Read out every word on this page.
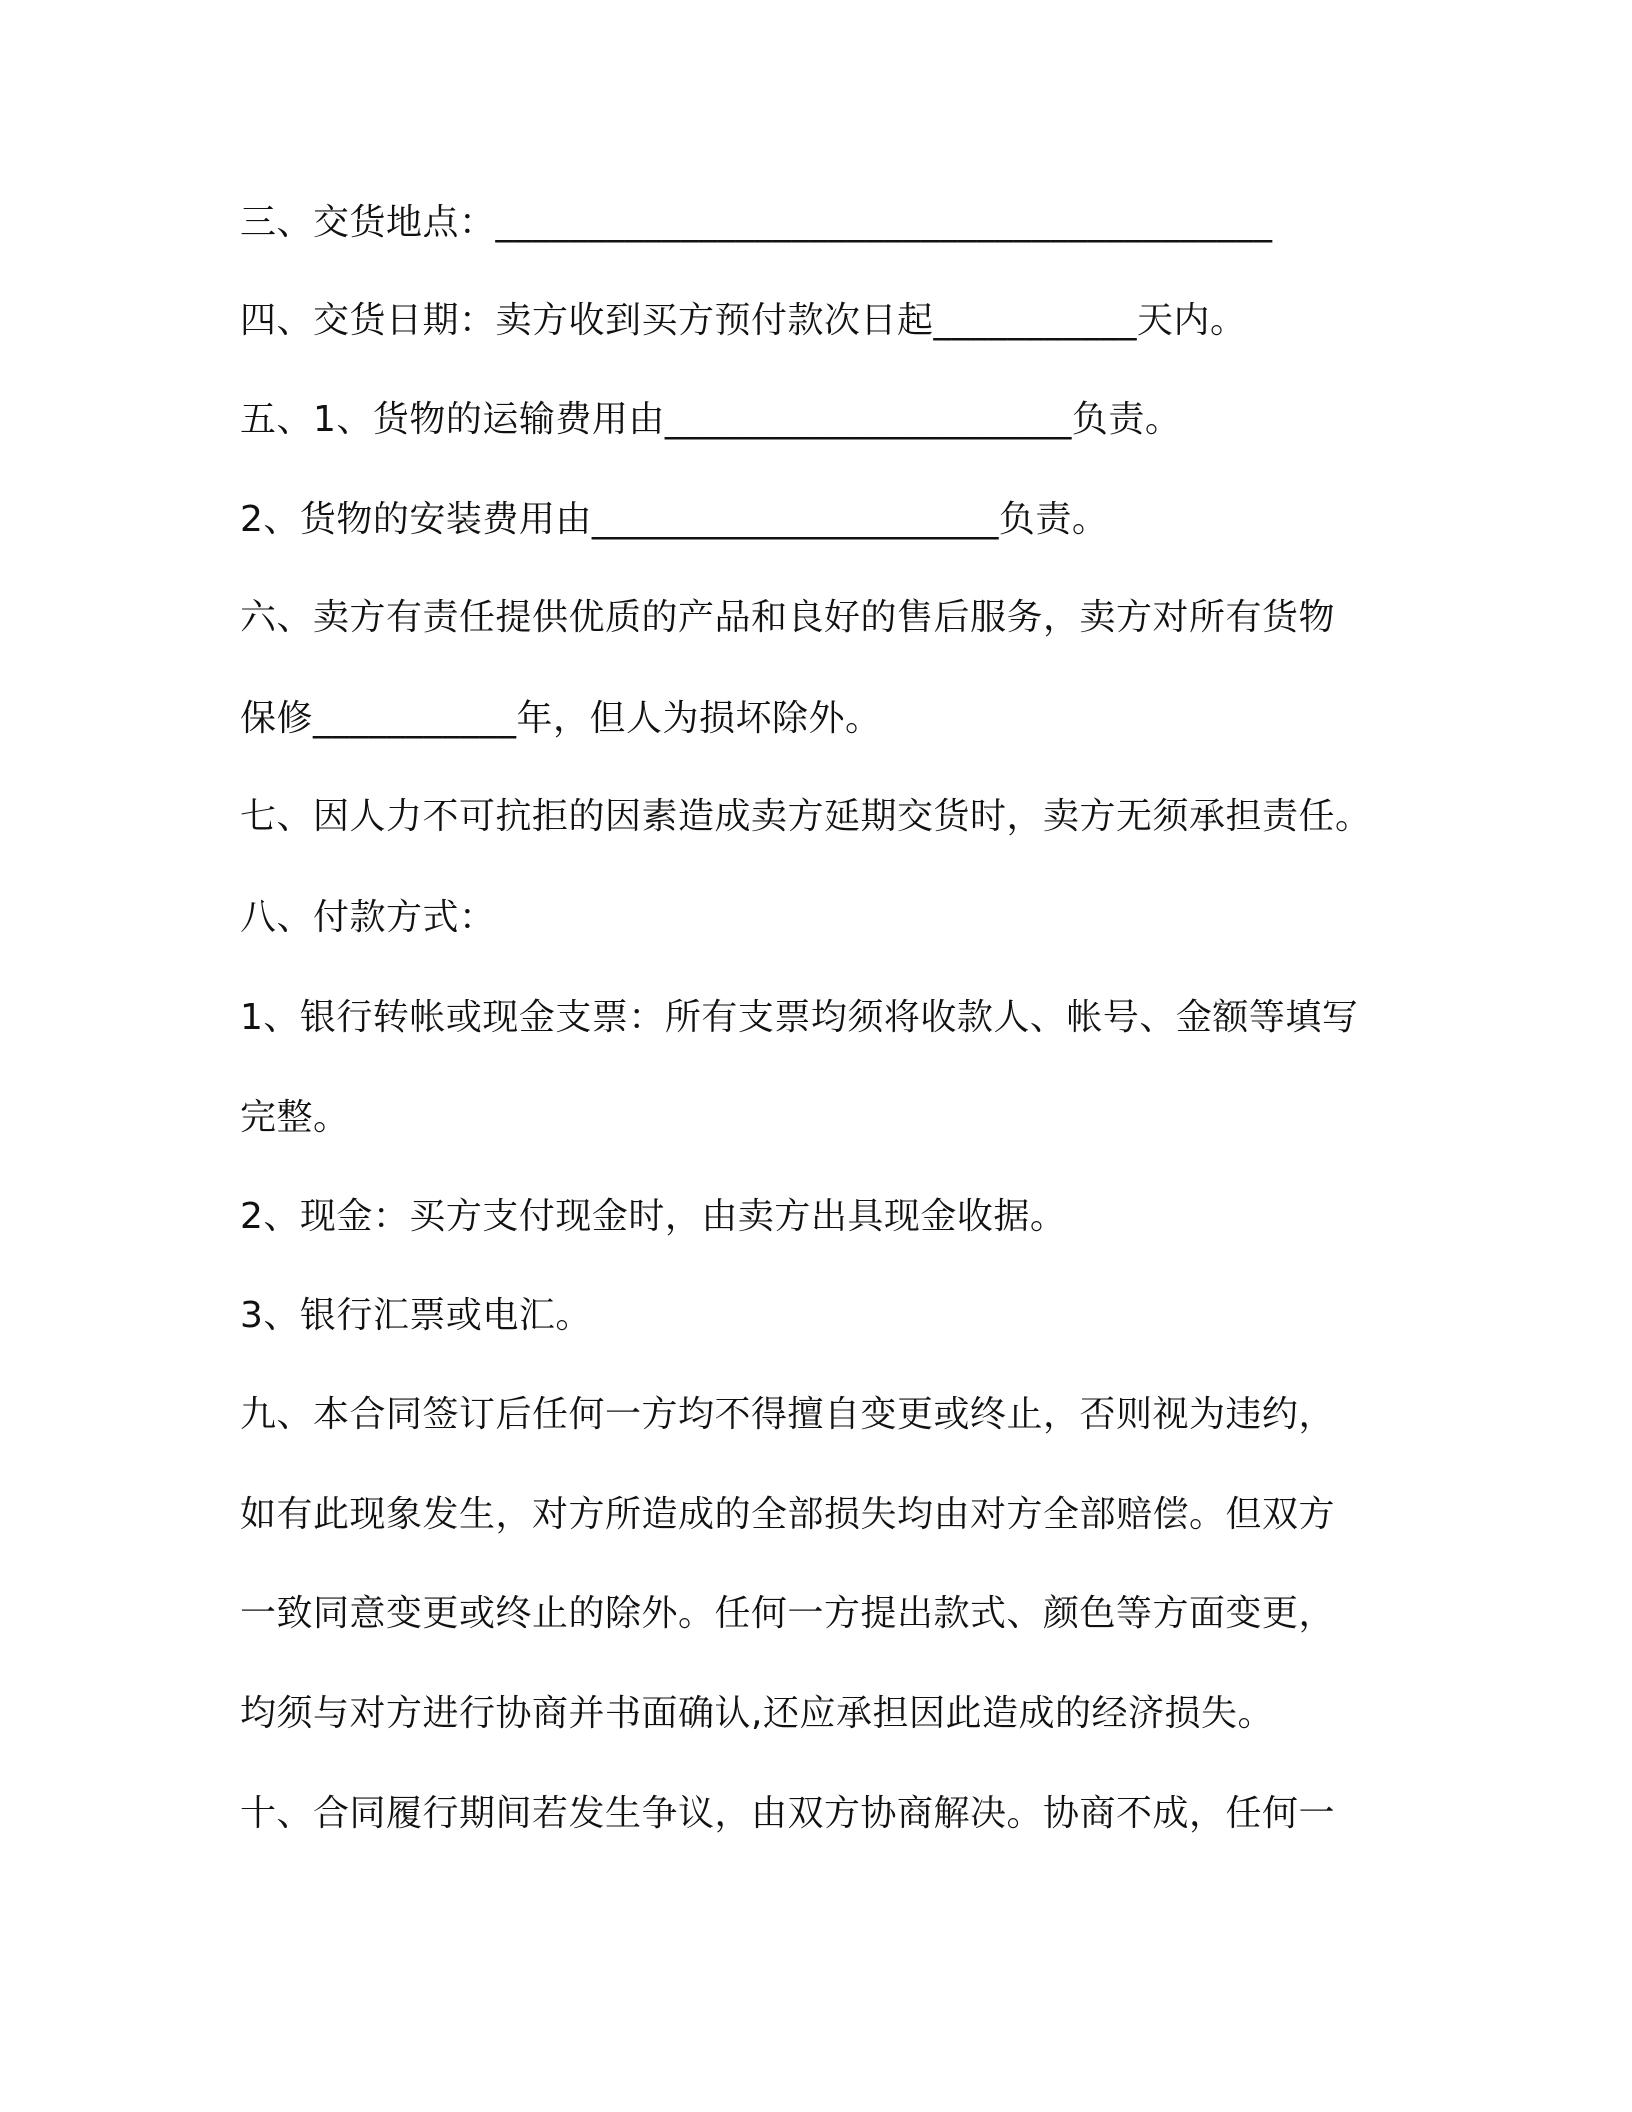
三、交货地点：__________________________________________
四、交货日期：卖方收到买方预付款次日起___________天内。
五、1、货物的运输费用由______________________负责。
2、货物的安装费用由______________________负责。
六、卖方有责任提供优质的产品和良好的售后服务，卖方对所有货物
保修___________年，但人为损坏除外。
七、因人力不可抗拒的因素造成卖方延期交货时，卖方无须承担责任。
八、付款方式：
1、银行转帐或现金支票：所有支票均须将收款人、帐号、金额等填写
完整。
2、现金：买方支付现金时，由卖方出具现金收据。
3、银行汇票或电汇。
九、本合同签订后任何一方均不得擅自变更或终止，否则视为违约，
如有此现象发生，对方所造成的全部损失均由对方全部赔偿。但双方
一致同意变更或终止的除外。任何一方提出款式、颜色等方面变更，
均须与对方进行协商并书面确认,还应承担因此造成的经济损失。
十、合同履行期间若发生争议，由双方协商解决。协商不成，任何一
